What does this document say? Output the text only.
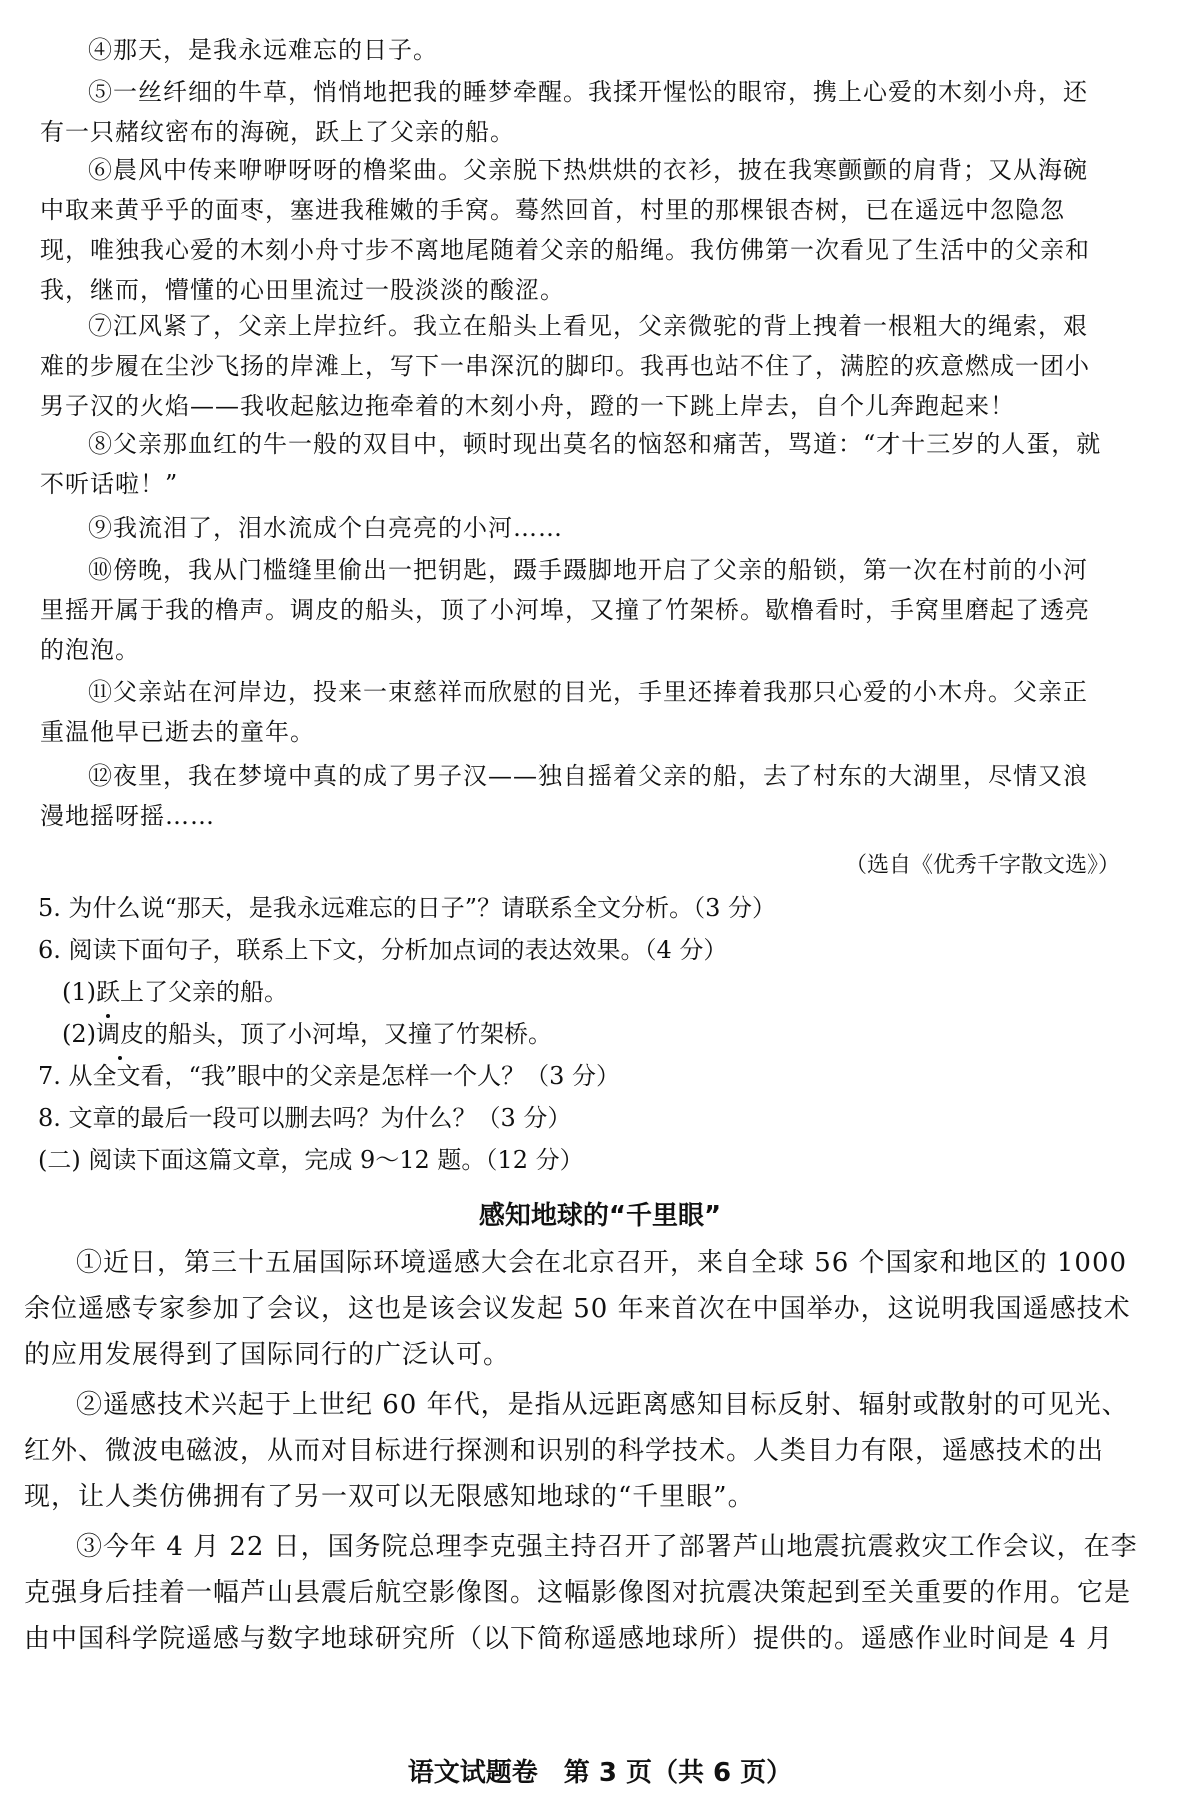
④那天，是我永远难忘的日子。

⑤一丝纤细的牛草，悄悄地把我的睡梦牵醒。我揉开惺忪的眼帘，携上心爱的木刻小舟，还有一只赭纹密布的海碗，跃上了父亲的船。

⑥晨风中传来咿咿呀呀的橹桨曲。父亲脱下热烘烘的衣衫，披在我寒颤颤的肩背；又从海碗中取来黄乎乎的面枣，塞进我稚嫩的手窝。蓦然回首，村里的那棵银杏树，已在遥远中忽隐忽现，唯独我心爱的木刻小舟寸步不离地尾随着父亲的船绳。我仿佛第一次看见了生活中的父亲和我，继而，懵懂的心田里流过一股淡淡的酸涩。

⑦江风紧了，父亲上岸拉纤。我立在船头上看见，父亲微驼的背上拽着一根粗大的绳索，艰难的步履在尘沙飞扬的岸滩上，写下一串深沉的脚印。我再也站不住了，满腔的疚意燃成一团小男子汉的火焰——我收起舷边拖牵着的木刻小舟，蹬的一下跳上岸去，自个儿奔跑起来！

⑧父亲那血红的牛一般的双目中，顿时现出莫名的恼怒和痛苦，骂道：“才十三岁的人蛋，就不听话啦！”

⑨我流泪了，泪水流成个白亮亮的小河……

⑩傍晚，我从门槛缝里偷出一把钥匙，蹑手蹑脚地开启了父亲的船锁，第一次在村前的小河里摇开属于我的橹声。调皮的船头，顶了小河埠，又撞了竹架桥。歇橹看时，手窝里磨起了透亮的泡泡。

⑪父亲站在河岸边，投来一束慈祥而欣慰的目光，手里还捧着我那只心爱的小木舟。父亲正重温他早已逝去的童年。

⑫夜里，我在梦境中真的成了男子汉——独自摇着父亲的船，去了村东的大湖里，尽情又浪漫地摇呀摇……

（选自《优秀千字散文选》）

5. 为什么说“那天，是我永远难忘的日子”？请联系全文分析。（3 分）

6. 阅读下面句子，联系上下文，分析加点词的表达效果。（4 分）

(1)跃上了父亲的船。

(2)调皮的船头，顶了小河埠，又撞了竹架桥。

7. 从全文看，“我”眼中的父亲是怎样一个人？（3 分）

8. 文章的最后一段可以删去吗？为什么？（3 分）

(二) 阅读下面这篇文章，完成 9～12 题。（12 分）

感知地球的“千里眼”

①近日，第三十五届国际环境遥感大会在北京召开，来自全球 56 个国家和地区的 1000 余位遥感专家参加了会议，这也是该会议发起 50 年来首次在中国举办，这说明我国遥感技术的应用发展得到了国际同行的广泛认可。

②遥感技术兴起于上世纪 60 年代，是指从远距离感知目标反射、辐射或散射的可见光、红外、微波电磁波，从而对目标进行探测和识别的科学技术。人类目力有限，遥感技术的出现，让人类仿佛拥有了另一双可以无限感知地球的“千里眼”。

③今年 4 月 22 日，国务院总理李克强主持召开了部署芦山地震抗震救灾工作会议，在李克强身后挂着一幅芦山县震后航空影像图。这幅影像图对抗震决策起到至关重要的作用。它是由中国科学院遥感与数字地球研究所（以下简称遥感地球所）提供的。遥感作业时间是 4 月

语文试题卷　第 3 页（共 6 页）
